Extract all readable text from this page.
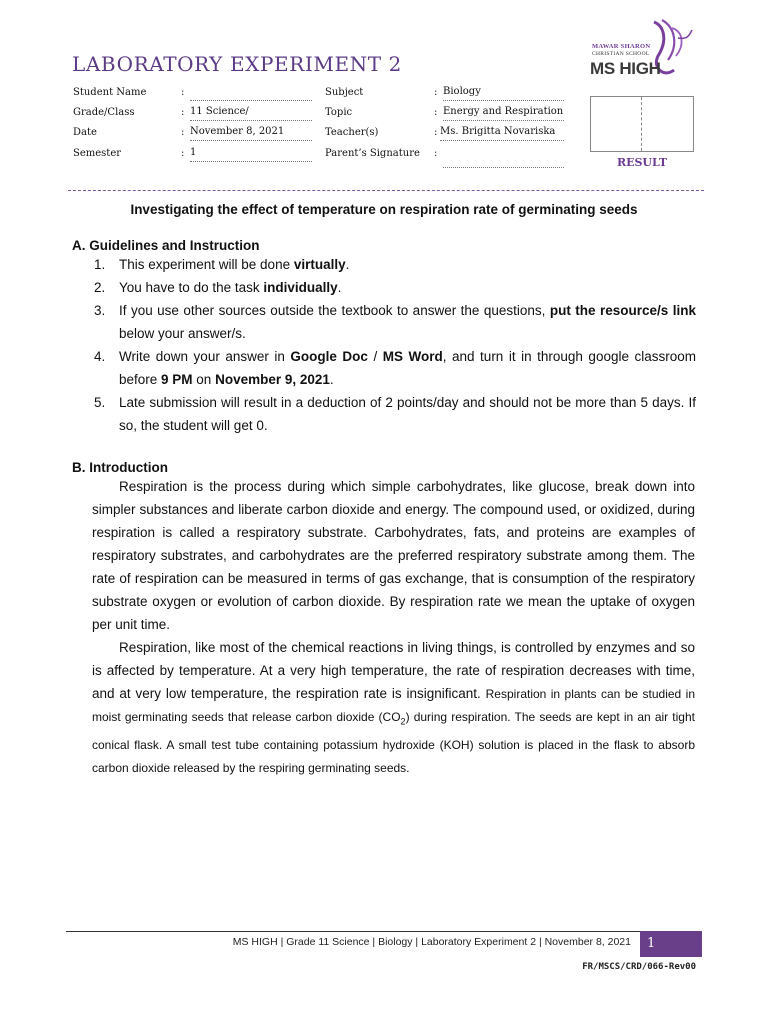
LABORATORY EXPERIMENT 2
MAWAR SHARON
CHRISTIAN SCHOOL
MS HIGH
Student Name	:
Grade/Class	: 11 Science/
Date	: November 8, 2021
Semester	: 1
Subject	: Biology
Topic	: Energy and Respiration
Teacher(s)	: Ms. Brigitta Novariska
Parent’s Signature :
RESULT
Investigating the effect of temperature on respiration rate of germinating seeds
A. Guidelines and Instruction
1. This experiment will be done virtually.
2. You have to do the task individually.
3. If you use other sources outside the textbook to answer the questions, put the resource/s link below your answer/s.
4. Write down your answer in Google Doc / MS Word, and turn it in through google classroom before 9 PM on November 9, 2021.
5. Late submission will result in a deduction of 2 points/day and should not be more than 5 days. If so, the student will get 0.
B. Introduction
Respiration is the process during which simple carbohydrates, like glucose, break down into simpler substances and liberate carbon dioxide and energy. The compound used, or oxidized, during respiration is called a respiratory substrate. Carbohydrates, fats, and proteins are examples of respiratory substrates, and carbohydrates are the preferred respiratory substrate among them. The rate of respiration can be measured in terms of gas exchange, that is consumption of the respiratory substrate oxygen or evolution of carbon dioxide. By respiration rate we mean the uptake of oxygen per unit time.
Respiration, like most of the chemical reactions in living things, is controlled by enzymes and so is affected by temperature. At a very high temperature, the rate of respiration decreases with time, and at very low temperature, the respiration rate is insignificant. Respiration in plants can be studied in moist germinating seeds that release carbon dioxide $(CO_2)$ during respiration. The seeds are kept in an air tight conical flask. A small test tube containing potassium hydroxide (KOH) solution is placed in the flask to absorb carbon dioxide released by the respiring germinating seeds.
MS HIGH | Grade 11 Science | Biology | Laboratory Experiment 2 | November 8, 2021	1
FR/MSCS/CRD/066-Rev00
